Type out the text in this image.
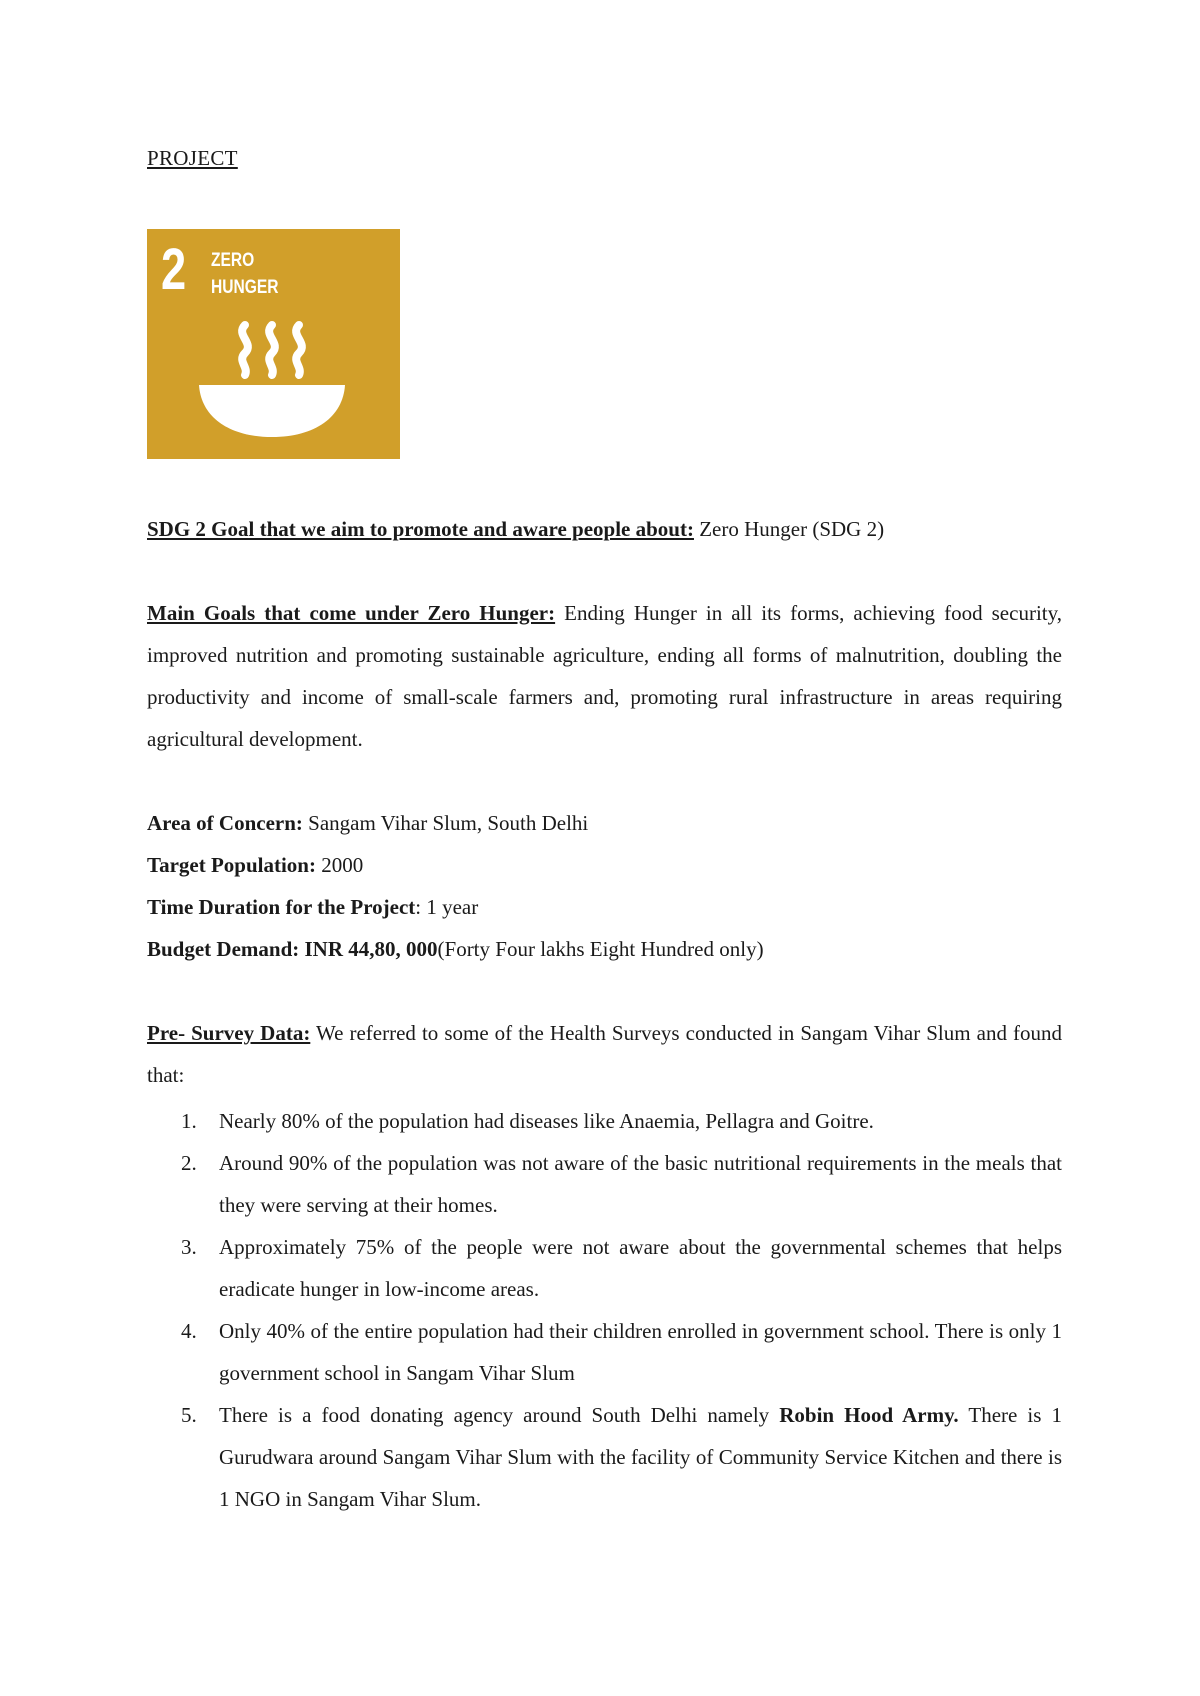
PROJECT
2 ZERO
HUNGER

SDG 2 Goal that we aim to promote and aware people about: Zero Hunger (SDG 2)

Main Goals that come under Zero Hunger: Ending Hunger in all its forms, achieving food security, improved nutrition and promoting sustainable agriculture, ending all forms of malnutrition, doubling the productivity and income of small-scale farmers and, promoting rural infrastructure in areas requiring agricultural development.

Area of Concern: Sangam Vihar Slum, South Delhi
Target Population: 2000
Time Duration for the Project: 1 year
Budget Demand: INR 44,80, 000(Forty Four lakhs Eight Hundred only)

Pre- Survey Data: We referred to some of the Health Surveys conducted in Sangam Vihar Slum and found that:

1. Nearly 80% of the population had diseases like Anaemia, Pellagra and Goitre.
2. Around 90% of the population was not aware of the basic nutritional requirements in the meals that they were serving at their homes.
3. Approximately 75% of the people were not aware about the governmental schemes that helps eradicate hunger in low-income areas.
4. Only 40% of the entire population had their children enrolled in government school. There is only 1 government school in Sangam Vihar Slum
5. There is a food donating agency around South Delhi namely Robin Hood Army. There is 1 Gurudwara around Sangam Vihar Slum with the facility of Community Service Kitchen and there is 1 NGO in Sangam Vihar Slum.
